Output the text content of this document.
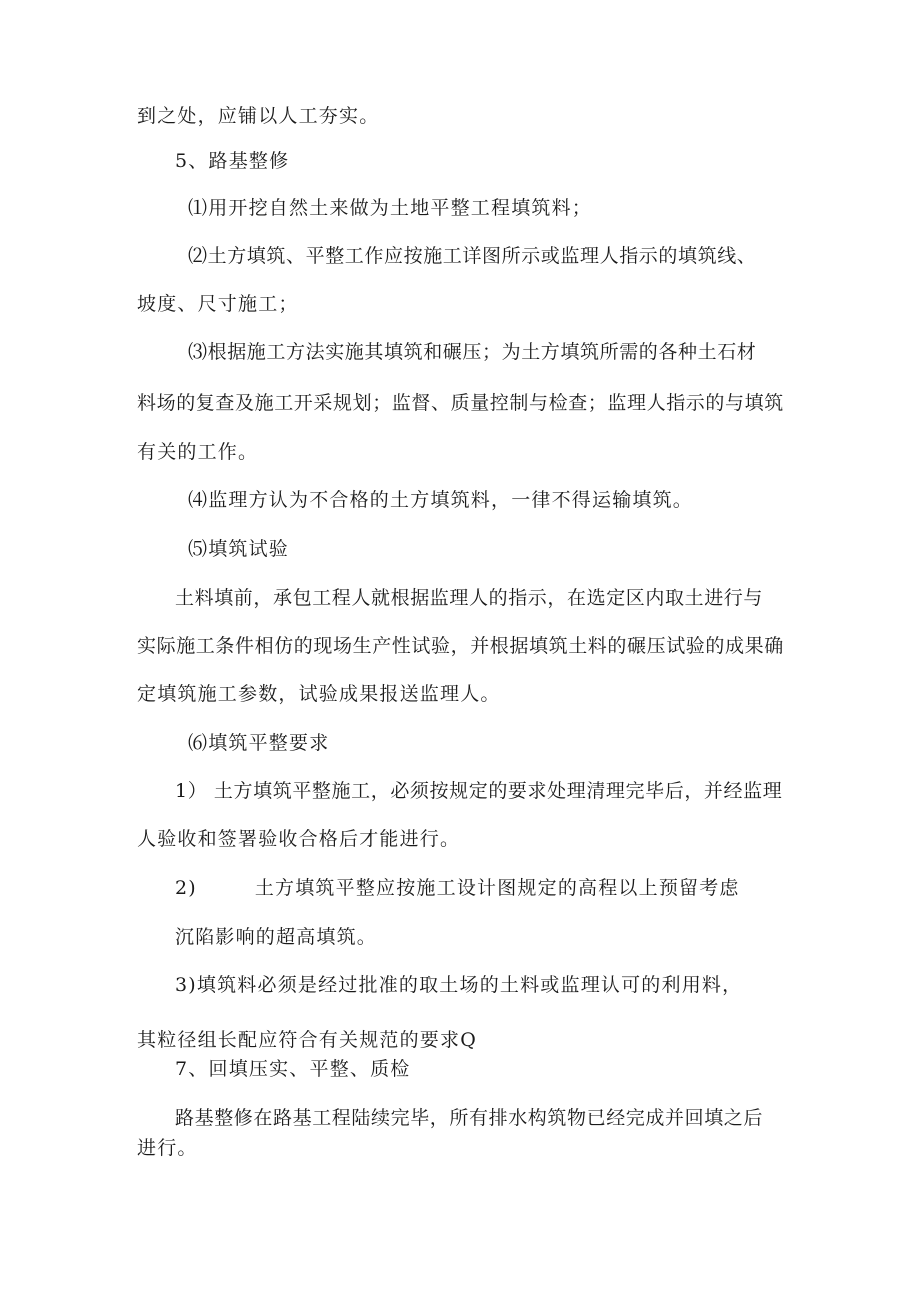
到之处，应铺以人工夯实。

5、路基整修

⑴用开挖自然土来做为土地平整工程填筑料；

⑵土方填筑、平整工作应按施工详图所示或监理人指示的填筑线、

坡度、尺寸施工；

⑶根据施工方法实施其填筑和碾压；为土方填筑所需的各种土石材

料场的复查及施工开采规划；监督、质量控制与检查；监理人指示的与填筑

有关的工作。

⑷监理方认为不合格的土方填筑料，一律不得运输填筑。

⑸填筑试验

土料填前，承包工程人就根据监理人的指示，在选定区内取土进行与

实际施工条件相仿的现场生产性试验，并根据填筑土料的碾压试验的成果确

定填筑施工参数，试验成果报送监理人。

⑹填筑平整要求

1） 土方填筑平整施工，必须按规定的要求处理清理完毕后，并经监理

人验收和签署验收合格后才能进行。

2)        土方填筑平整应按施工设计图规定的高程以上预留考虑

沉陷影响的超高填筑。

3)填筑料必须是经过批准的取土场的土料或监理认可的利用料，

其粒径组长配应符合有关规范的要求Q

7、回填压实、平整、质检

路基整修在路基工程陆续完毕，所有排水构筑物已经完成并回填之后

进行。
